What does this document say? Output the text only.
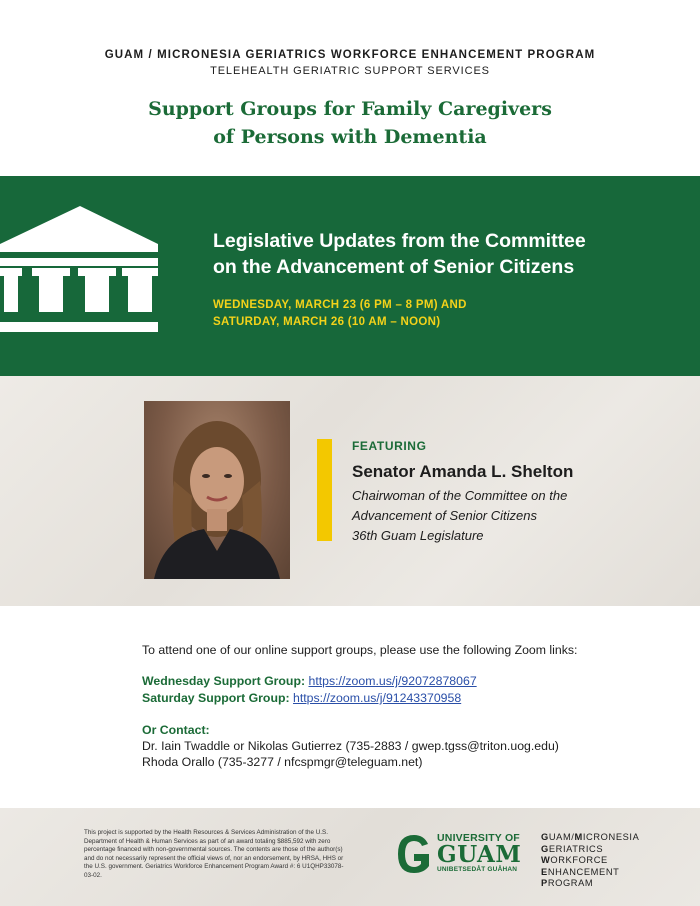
GUAM / MICRONESIA GERIATRICS WORKFORCE ENHANCEMENT PROGRAM
TELEHEALTH GERIATRIC SUPPORT SERVICES
Support Groups for Family Caregivers
of Persons with Dementia
Legislative Updates from the Committee
on the Advancement of Senior Citizens
WEDNESDAY, MARCH 23 (6 PM – 8 PM) AND
SATURDAY, MARCH 26 (10 AM – NOON)
FEATURING
Senator Amanda L. Shelton
Chairwoman of the Committee on the
Advancement of Senior Citizens
36th Guam Legislature
To attend one of our online support groups, please use the following Zoom links:
Wednesday Support Group: https://zoom.us/j/92072878067
Saturday Support Group: https://zoom.us/j/91243370958
Or Contact:
Dr. Iain Twaddle or Nikolas Gutierrez (735-2883 / gwep.tgss@triton.uog.edu)
Rhoda Orallo (735-3277 / nfcspmgr@teleguam.net)
This project is supported by the Health Resources & Services Administration of the U.S. Department of Health & Human Services as part of an award totaling $885,592 with zero percentage financed with non-governmental sources. The contents are those of the author(s) and do not necessarily represent the official views of, nor an endorsement, by HRSA, HHS or the U.S. government. Geriatrics Workforce Enhancement Program Award #: 6 U1QHP33078-03-02.
UNIVERSITY OF
GUAM
UNIBETSEDÅT GUÅHAN
GUAM/MICRONESIA
GERIATRICS
WORKFORCE
ENHANCEMENT
PROGRAM
